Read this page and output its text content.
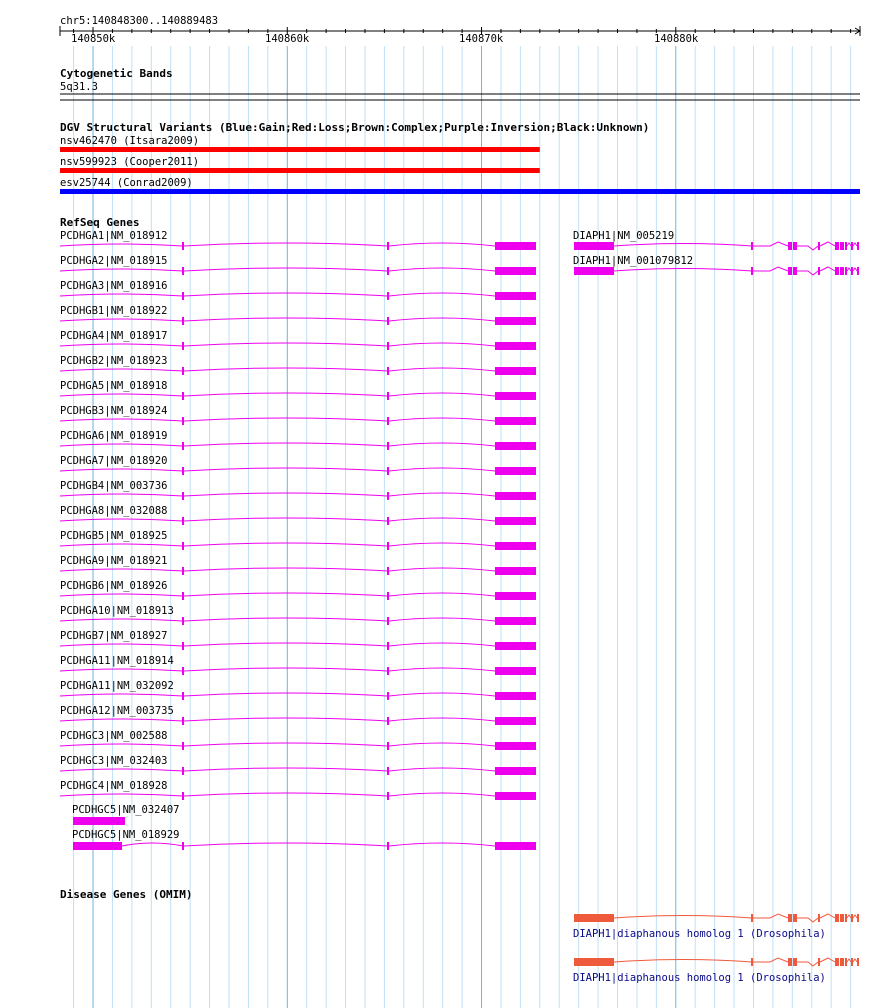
chr5:140848300..140889483
140850k	140860k	140870k	140880k
Cytogenetic Bands
5q31.3
DGV Structural Variants (Blue:Gain;Red:Loss;Brown:Complex;Purple:Inversion;Black:Unknown)
nsv462470 (Itsara2009)
nsv599923 (Cooper2011)
esv25744 (Conrad2009)
RefSeq Genes
PCDHGA1|NM_018912
PCDHGA2|NM_018915
PCDHGA3|NM_018916
PCDHGB1|NM_018922
PCDHGA4|NM_018917
PCDHGB2|NM_018923
PCDHGA5|NM_018918
PCDHGB3|NM_018924
PCDHGA6|NM_018919
PCDHGA7|NM_018920
PCDHGB4|NM_003736
PCDHGA8|NM_032088
PCDHGB5|NM_018925
PCDHGA9|NM_018921
PCDHGB6|NM_018926
PCDHGA10|NM_018913
PCDHGB7|NM_018927
PCDHGA11|NM_018914
PCDHGA11|NM_032092
PCDHGA12|NM_003735
PCDHGC3|NM_002588
PCDHGC3|NM_032403
PCDHGC4|NM_018928
PCDHGC5|NM_032407
PCDHGC5|NM_018929
DIAPH1|NM_005219
DIAPH1|NM_001079812
Disease Genes (OMIM)
DIAPH1|diaphanous homolog 1 (Drosophila)
DIAPH1|diaphanous homolog 1 (Drosophila)
